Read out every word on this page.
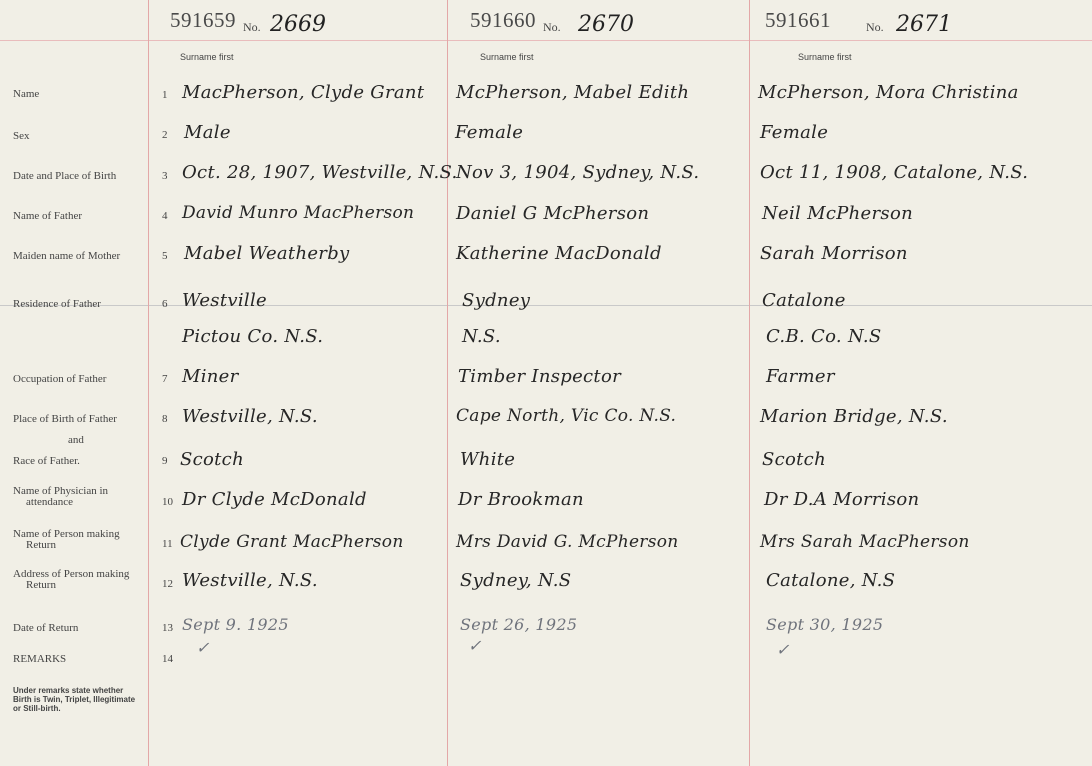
Name
Sex
Date and Place of Birth
Name of Father
Maiden name of Mother
Residence of Father
Occupation of Father
Place of Birth of Father
and
Race of Father.
Name of Physician in
attendance
Name of Person making
Return
Address of Person making
Return
Date of Return
REMARKS
Under remarks state whether Birth is Twin, Triplet, Illegitimate or Still-birth.
1
2
3
4
5
6
7
8
9
10
11
12
13
14
591659 No. 2669
Surname first
MacPherson, Clyde Grant
Male
Oct. 28, 1907, Westville, N.S.
David Munro MacPherson
Mabel Weatherby
Westville
Pictou Co. N.S.
Miner
Westville, N.S.
Scotch
Dr Clyde McDonald
Clyde Grant MacPherson
Westville, N.S.
Sept 9. 1925
✓
591660 No. 2670
Surname first
McPherson, Mabel Edith
Female
Nov 3, 1904, Sydney, N.S.
Daniel G McPherson
Katherine MacDonald
Sydney
N.S.
Timber Inspector
Cape North, Vic Co. N.S.
White
Dr Brookman
Mrs David G. McPherson
Sydney, N.S
Sept 26, 1925
✓
591661	No. 2671
Surname first
McPherson, Mora Christina
Female
Oct 11, 1908, Catalone, N.S.
Neil McPherson
Sarah Morrison
Catalone
C.B. Co. N.S
Farmer
Marion Bridge, N.S.
Scotch
Dr D.A Morrison
Mrs Sarah MacPherson
Catalone, N.S
Sept 30, 1925
✓
